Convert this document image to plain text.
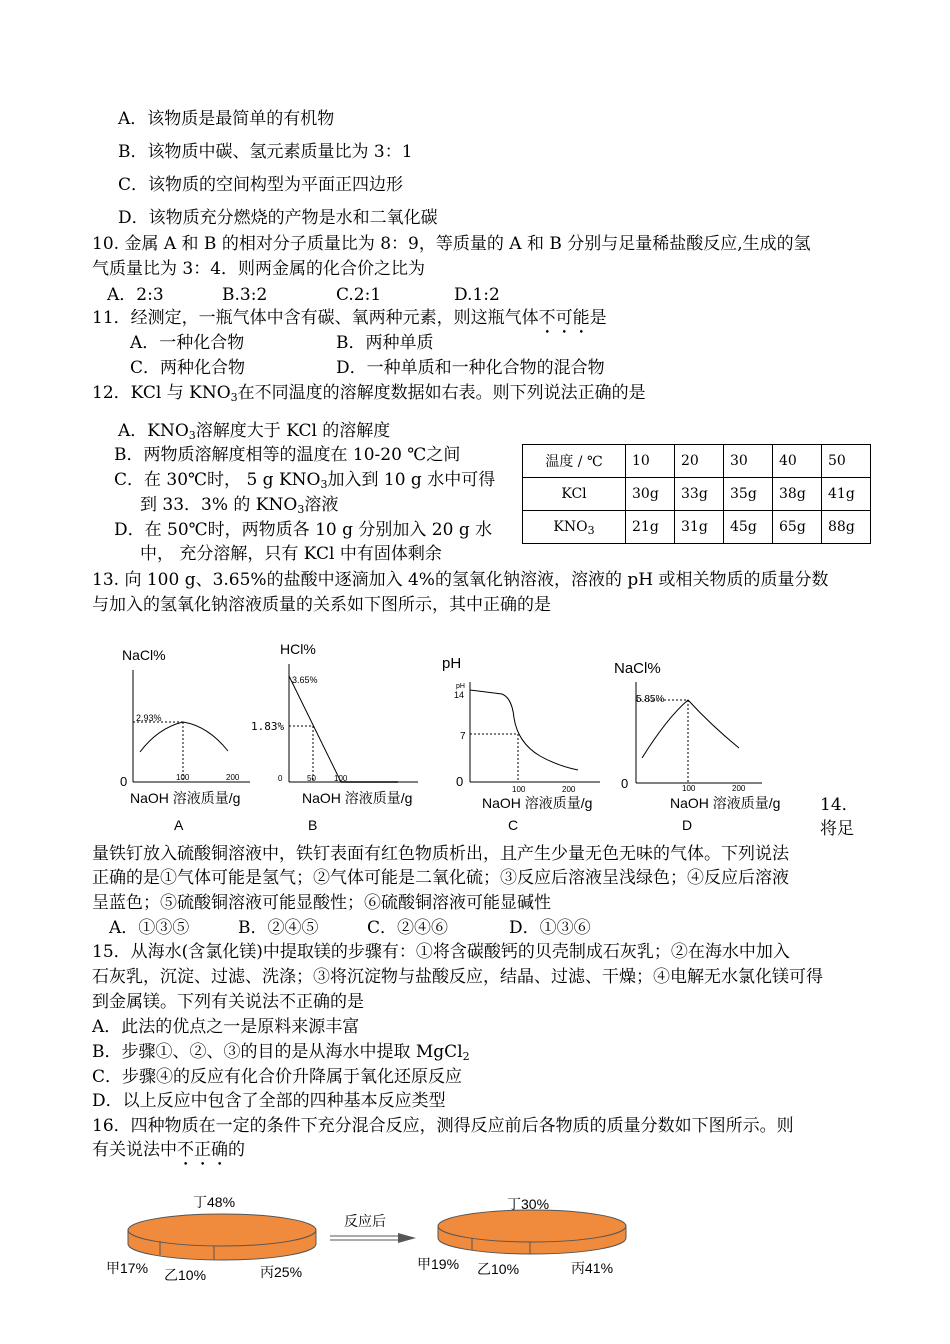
A．该物质是最简单的有机物
B．该物质中碳、氢元素质量比为 3：1
C．该物质的空间构型为平面正四边形
D．该物质充分燃烧的产物是水和二氧化碳
10. 金属 A 和 B 的相对分子质量比为 8：9，等质量的 A 和 B 分别与足量稀盐酸反应,生成的氢
气质量比为 3：4．则两金属的化合价之比为
A．2:3	B.3:2	C.2:1	D.1:2
11．经测定，一瓶气体中含有碳、氧两种元素，则这瓶气体不可能是
A．一种化合物	B．两种单质
C．两种化合物	D．一种单质和一种化合物的混合物
12．KCl 与 $KNO_3$在不同温度的溶解度数据如右表。则下列说法正确的是
A．$KNO_3$溶解度大于 KCl 的溶解度
B．两物质溶解度相等的温度在 10-20 ℃之间
C．在 30℃时， 5 g $KNO_3$加入到 10 g 水中可得
到 33．3% 的 $KNO_3$溶液
D．在 50℃时，两物质各 10 g 分别加入 20 g 水
中， 充分溶解，只有 KCl 中有固体剩余
温度 / ℃	10	20	30	40	50
KCl	30g	33g	35g	38g	41g
$KNO_3$	21g	31g	45g	65g	88g
13. 向 100 g、3.65%的盐酸中逐滴加入 4%的氢氧化钠溶液，溶液的 pH 或相关物质的质量分数
与加入的氢氧化钠溶液质量的关系如下图所示，其中正确的是
NaCl%
0
2.93%
100	200
NaOH 溶液质量/g
A
HCl%
3.65%
1.83%
0	50 100
NaOH 溶液质量/g
B
pH
pH
14
7
0
100	200
NaOH 溶液质量/g
C
NaCl%
5.85%
0	100	200
NaOH 溶液质量/g
D
14．
将足
量铁钉放入硫酸铜溶液中，铁钉表面有红色物质析出，且产生少量无色无味的气体。下列说法
正确的是①气体可能是氢气；②气体可能是二氧化硫；③反应后溶液呈浅绿色；④反应后溶液
呈蓝色；⑤硫酸铜溶液可能显酸性；⑥硫酸铜溶液可能显碱性
A．①③⑤	B．②④⑤	C．②④⑥	D．①③⑥
15．从海水(含氯化镁)中提取镁的步骤有：①将含碳酸钙的贝壳制成石灰乳；②在海水中加入
石灰乳，沉淀、过滤、洗涤；③将沉淀物与盐酸反应，结晶、过滤、干燥；④电解无水氯化镁可得
到金属镁。下列有关说法不正确的是
A．此法的优点之一是原料来源丰富
B．步骤①、②、③的目的是从海水中提取 MgCl$_2$
C．步骤④的反应有化合价升降属于氧化还原反应
D．以上反应中包含了全部的四种基本反应类型
16．四种物质在一定的条件下充分混合反应，测得反应前后各物质的质量分数如下图所示。则
有关说法中不正确的
丁48%
甲17% 乙10%	丙25%
反应后
丁30%
甲19% 乙10%	丙41%
